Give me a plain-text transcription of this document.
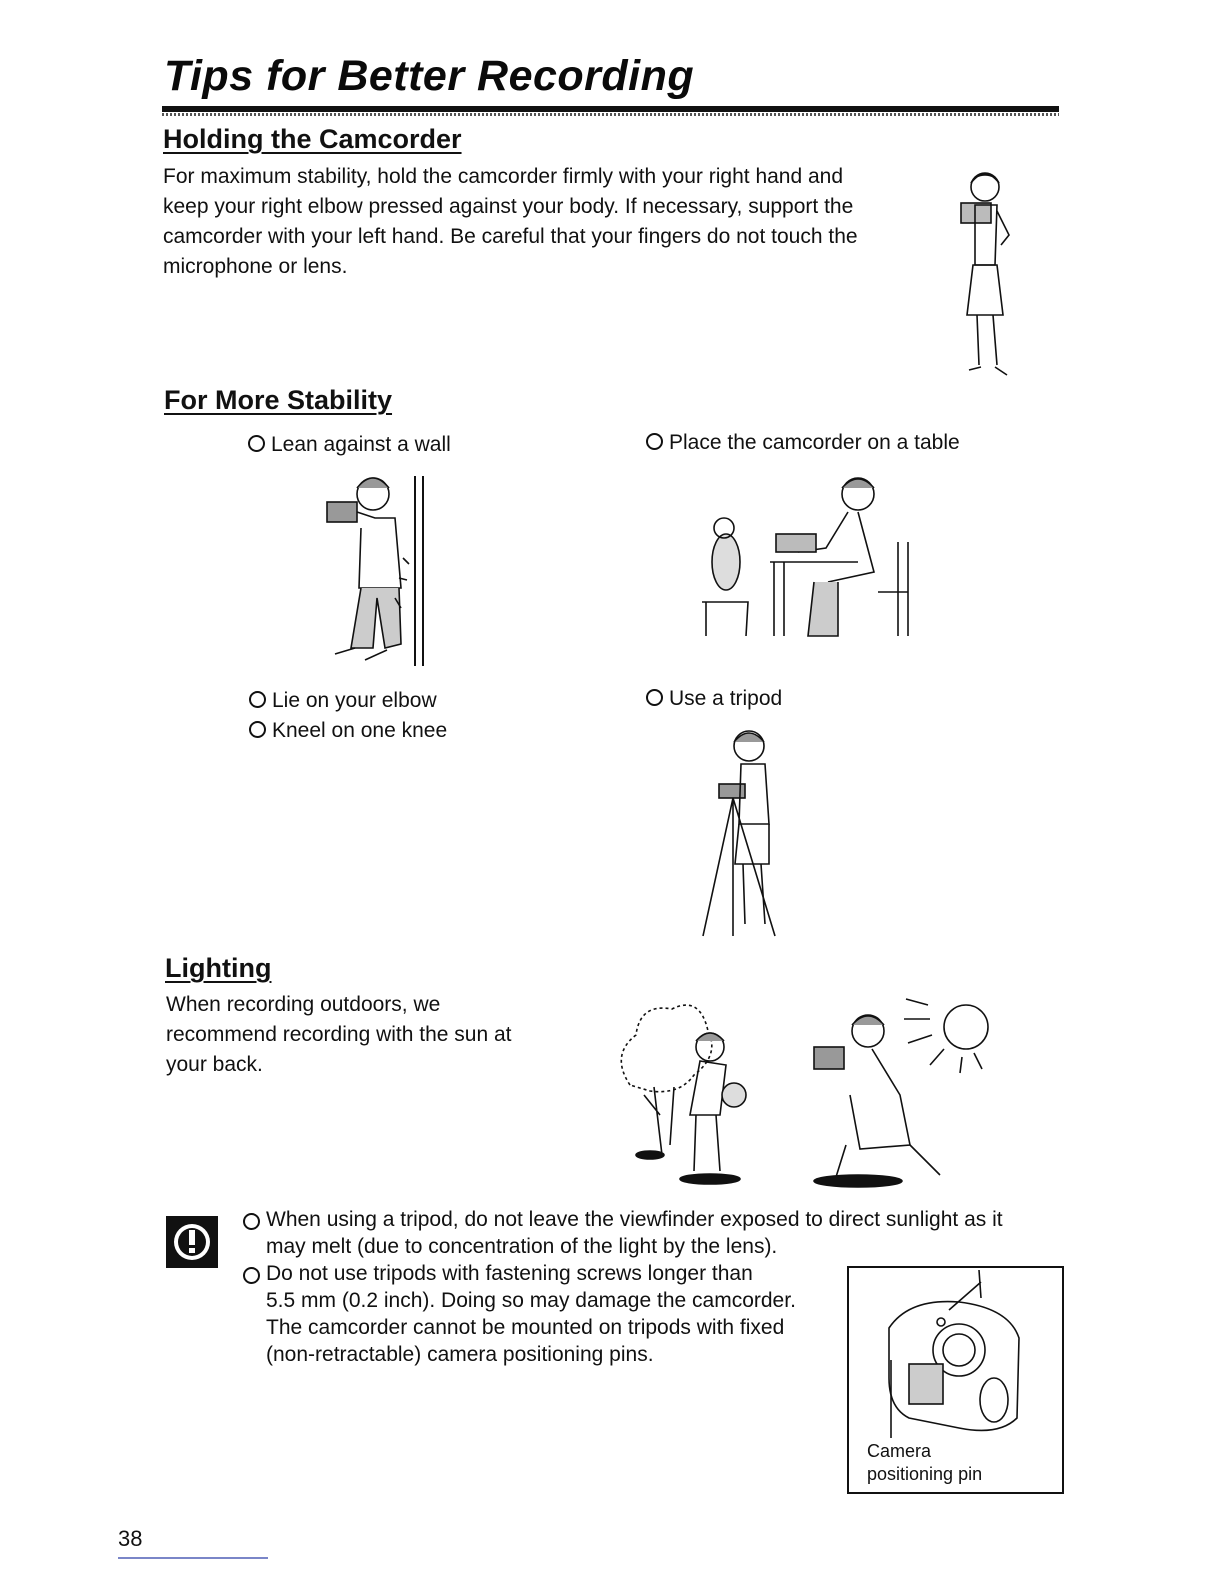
Tips for Better Recording
Holding the Camcorder
For maximum stability, hold the camcorder firmly with your right hand and
keep your right elbow pressed against your body. If necessary, support the
camcorder with your left hand. Be careful that your fingers do not touch the
microphone or lens.
For More Stability
Lean against a wall	Place the camcorder on a table
Lie on your elbow
Kneel on one knee
Use a tripod
Lighting
When recording outdoors, we
recommend recording with the sun at
your back.
When using a tripod, do not leave the viewfinder exposed to direct sunlight as it
may melt (due to concentration of the light by the lens).
Do not use tripods with fastening screws longer than
5.5 mm (0.2 inch). Doing so may damage the camcorder.
The camcorder cannot be mounted on tripods with fixed
(non-retractable) camera positioning pins.
Camera
positioning pin
38
